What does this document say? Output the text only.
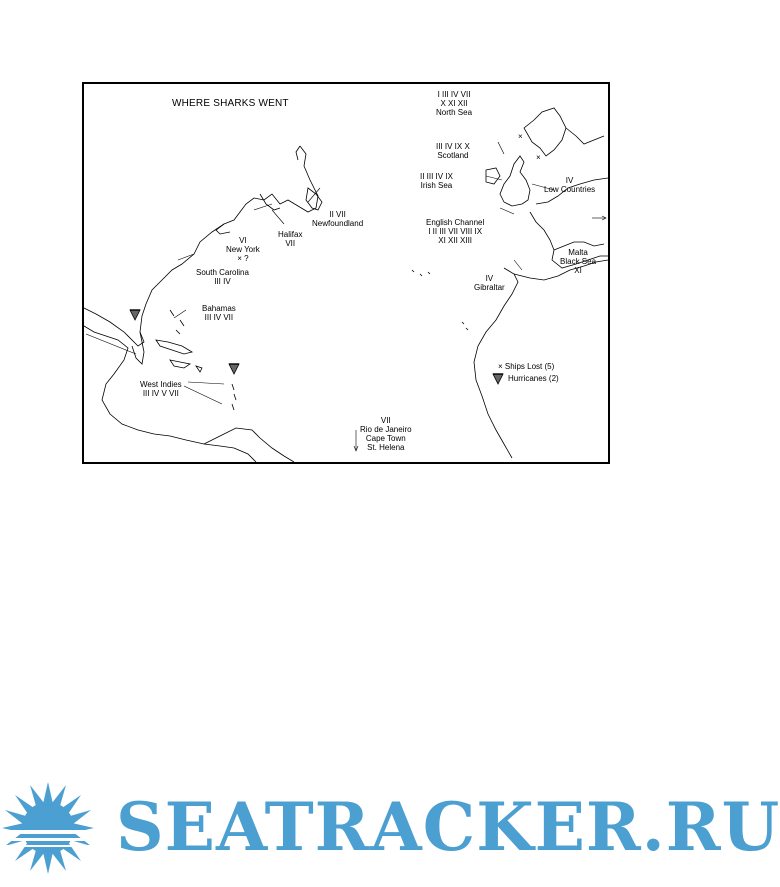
×
×
WHERE SHARKS WENT
I III IV VII
X XI XII
North Sea
III IV IX X
Scotland
II III IV IX
Irish Sea
IV
Low Countries
English Channel
I II III VII VIII IX
XI XII XIII
Malta
Black Sea
XI
IV
Gibraltar
II VII
Newfoundland
Halifax
VII
VI
New York
× ?
South Carolina
III IV
Bahamas
III IV VII
West Indies
III IV V VII
VII
Rio de Janeiro
Cape Town
St. Helena
× Ships Lost (5)
Hurricanes (2)
SEATRACKER.RU
